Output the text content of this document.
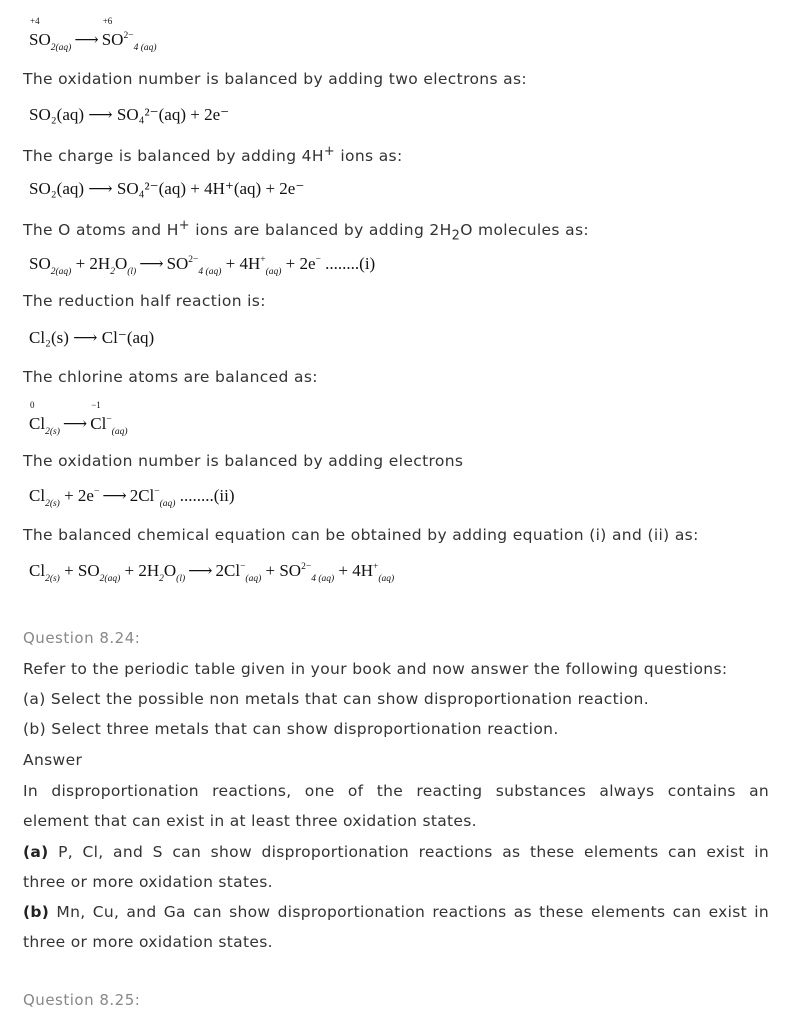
+4
$SO_{2(aq)}$ ⟶
+6
$SO^{2-}_{4 (aq)}$
The oxidation number is balanced by adding two electrons as:
SO₂(aq) ⟶ SO₄²⁻(aq) + 2e⁻
The charge is balanced by adding 4H+ ions as:
SO₂(aq) ⟶ SO₄²⁻(aq) + 4H⁺(aq) + 2e⁻
The O atoms and H+ ions are balanced by adding $2H_2O$ molecules as:
$SO_{2(aq)} + 2H_2O_{(l)}$ ⟶ $SO^{2-}_{4 (aq)} + 4H^+_{(aq)} + 2e^-$ ........(i)
The reduction half reaction is:
Cl₂(s) ⟶ Cl⁻(aq)
The chlorine atoms are balanced as:
0
$Cl_{2(s)}$ ⟶
−1
$Cl^-_{(aq)}$
The oxidation number is balanced by adding electrons
$Cl_{2(s)} + 2e^-$ ⟶ $2Cl^-_{(aq)}$ ........(ii)
The balanced chemical equation can be obtained by adding equation (i) and (ii) as:
$Cl_{2(s)} + SO_{2(aq)} + 2H_2O_{(l)}$ ⟶ $2Cl^-_{(aq)} + SO^{2-}_{4 (aq)} + 4H^+_{(aq)}$
Question 8.24:
Refer to the periodic table given in your book and now answer the following questions:
(a) Select the possible non metals that can show disproportionation reaction.
(b) Select three metals that can show disproportionation reaction.
Answer
In disproportionation reactions, one of the reacting substances always contains an
element that can exist in at least three oxidation states.
(a) P, Cl, and S can show disproportionation reactions as these elements can exist in
three or more oxidation states.
(b) Mn, Cu, and Ga can show disproportionation reactions as these elements can exist in
three or more oxidation states.
Question 8.25:
